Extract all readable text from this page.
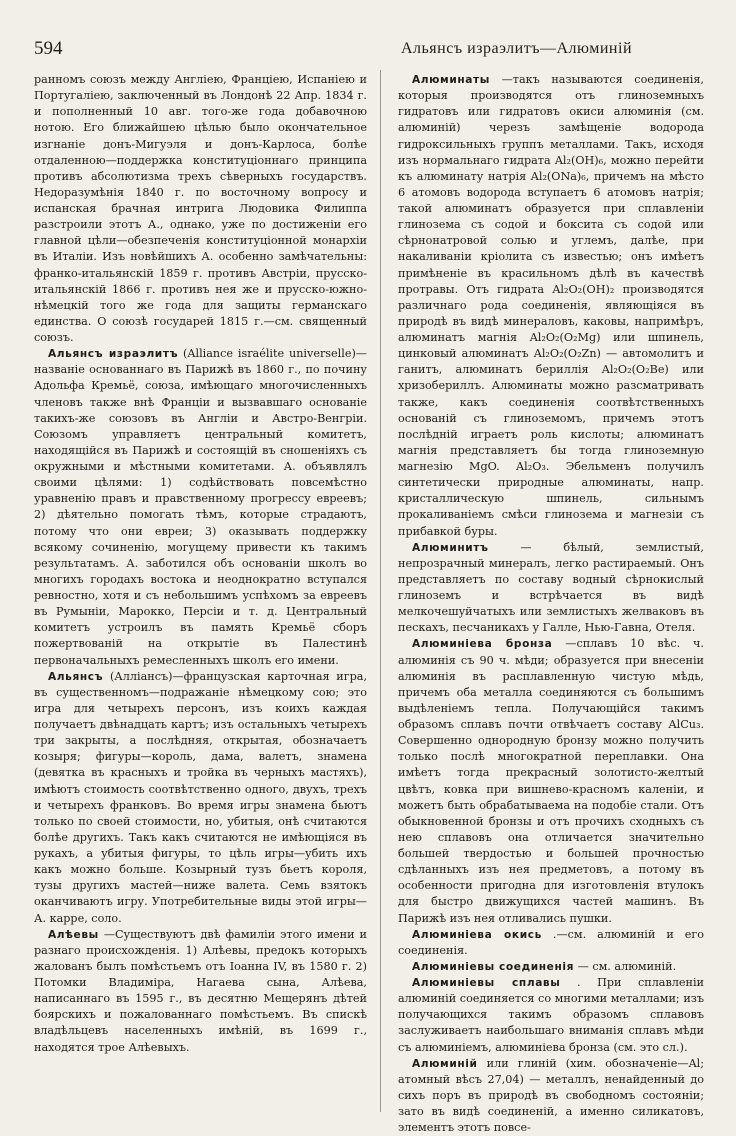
594	Альянсъ израэлитъ—Алюминій

ранномъ союзъ между Англіею, Франціею, Испаніею и Португаліею, заключенный въ Лондонѣ 22 Апр. 1834 г. и пополненный 10 авг. того-же года добавочною нотою. Его ближайшею цѣлью было окончательное изгнаніе донъ-Мигуэля и донъ-Карлоса, болѣе отдаленною—поддержка конституціоннаго принципа противъ абсолютизма трехъ сѣверныхъ государствъ. Недоразумѣнія 1840 г. по восточному вопросу и испанская брачная интрига Людовика Филиппа разстроили этотъ А., однако, уже по достиженіи его главной цѣли—обезпеченія конституціонной монархіи въ Италіи. Изъ новѣйшихъ А. особенно замѣчательны: франко-итальянскій 1859 г. противъ Австріи, прусско-итальянскій 1866 г. противъ нея же и прусско-южно-нѣмецкій того же года для защиты германскаго единства. О союзѣ государей 1815 г.—см. священный союзъ.

Альянсъ израэлитъ (Alliance israélite universelle)—названіе основаннаго въ Парижѣ въ 1860 г., по почину Адольфа Кремьё, союза, имѣющаго многочисленныхъ членовъ также внѣ Франціи и вызвавшаго основаніе такихъ-же союзовъ въ Англіи и Австро-Венгріи. Союзомъ управляетъ центральный комитетъ, находящійся въ Парижѣ и состоящій въ сношеніяхъ съ окружными и мѣстными комитетами. А. объявлялъ своими цѣлями: 1) содѣйствовать повсемѣстно уравненію правъ и правственному прогрессу евреевъ; 2) дѣятельно помогать тѣмъ, которые страдаютъ, потому что они евреи; 3) оказывать поддержку всякому сочиненію, могущему привести къ такимъ результатамъ. А. заботился объ основаніи школъ во многихъ городахъ востока и неоднократно вступался ревностно, хотя и съ небольшимъ успѣхомъ за евреевъ въ Румыніи, Марокко, Персіи и т. д. Центральный комитетъ устроилъ въ память Кремьё сборъ пожертвованій на открытіе въ Палестинѣ первоначальныхъ ремесленныхъ школъ его имени.

Альянсъ (Алліансъ)—французская карточная игра, въ существенномъ—подражаніе нѣмецкому сою; это игра для четырехъ персонъ, изъ коихъ каждая получаетъ двѣнадцать картъ; изъ остальныхъ четырехъ три закрыты, а послѣдняя, открытая, обозначаетъ козыря; фигуры—король, дама, валетъ, знамена (девятка въ красныхъ и тройка въ черныхъ мастяхъ), имѣютъ стоимость соотвѣтственно одного, двухъ, трехъ и четырехъ франковъ. Во время игры знамена бьютъ только по своей стоимости, но, убитыя, онѣ считаются болѣе другихъ. Такъ какъ считаются не имѣющіяся въ рукахъ, а убитыя фигуры, то цѣль игры—убить ихъ какъ можно больше. Козырный тузъ бьетъ короля, тузы другихъ мастей—ниже валета. Семь взятокъ оканчиваютъ игру. Употребительные виды этой игры—А. карре, соло.

Алѣевы —Существуютъ двѣ фамиліи этого имени и разнаго происхожденія. 1) Алѣевы, предокъ которыхъ жалованъ былъ помѣстьемъ отъ Іоанна IV, въ 1580 г. 2) Потомки Владиміра, Нагаева сына, Алѣева, написаннаго въ 1595 г., въ десятню Мещерянъ дѣтей боярскихъ и пожалованнаго помѣстьемъ. Въ спискѣ владѣльцевъ населенныхъ имѣній, въ 1699 г., находятся трое Алѣевыхъ.

Алюминаты —такъ называются соединенія, которыя производятся отъ глиноземныхъ гидратовъ или гидратовъ окиси алюминія (см. алюминій) черезъ замѣщеніе водорода гидроксильныхъ группъ металлами. Такъ, исходя изъ нормальнаго гидрата Al₂(OH)₆, можно перейти къ алюминату натрія Al₂(ONa)₆, причемъ на мѣсто 6 атомовъ водорода вступаетъ 6 атомовъ натрія; такой алюминатъ образуется при сплавленіи глинозема съ содой и боксита съ содой или сѣрнонатровой солью и углемъ, далѣе, при накаливаніи кріолита съ известью; онъ имѣетъ примѣненіе въ красильномъ дѣлѣ въ качествѣ протравы. Отъ гидрата Al₂O₂(OH)₂ производятся различнаго рода соединенія, являющіяся въ природѣ въ видѣ минераловъ, каковы, напримѣръ, алюминатъ магнія Al₂O₂(O₂Mg) или шпинель, цинковый алюминатъ Al₂O₂(O₂Zn) — автомолитъ и ганитъ, алюминатъ бериллія Al₂O₂(O₂Be) или хризобериллъ. Алюминаты можно разсматривать также, какъ соединенія соотвѣтственныхъ основаній съ глиноземомъ, причемъ этотъ послѣдній играетъ роль кислоты; алюминатъ магнія представляетъ бы тогда глиноземную магнезію MgO. Al₂O₃. Эбельменъ получилъ синтетически природные алюминаты, напр. кристаллическую шпинель, сильнымъ прокаливаніемъ смѣси глинозема и магнезіи съ прибавкой буры.

Алюминитъ	— бѣлый, землистый, непрозрачный минералъ, легко растираемый. Онъ представляетъ по составу водный сѣрнокислый глиноземъ и встрѣчается въ видѣ мелкочешуйчатыхъ или землистыхъ желваковъ въ пескахъ, песчаникахъ у Галле, Нью-Гавна, Отеля.

Алюминіева бронза —сплавъ 10 вѣс. ч. алюминія съ 90 ч. мѣди; образуется при внесеніи алюминія въ расплавленную чистую мѣдь, причемъ оба металла соединяются съ большимъ выдѣленіемъ тепла. Получающійся такимъ образомъ сплавъ почти отвѣчаетъ составу AlCu₃. Совершенно однородную бронзу можно получить только послѣ многократной переплавки. Она имѣетъ тогда прекрасный золотисто-желтый цвѣтъ, ковка при вишнево-красномъ каленіи, и можетъ быть обрабатываема на подобіе стали. Отъ обыкновенной бронзы и отъ прочихъ сходныхъ съ нею сплавовъ она отличается значительно большей твердостью и большей прочностью сдѣланныхъ изъ нея предметовъ, а потому въ особенности пригодна для изготовленія втулокъ для быстро движущихся частей машинъ. Въ Парижѣ изъ нея отливались пушки.

Алюминіева окись .—см. алюминій и его соединенія.

Алюминіевы соединенія — см. алюминій.

Алюминіевы сплавы . При сплавленіи алюминій соединяется со многими металлами; изъ получающихся такимъ образомъ сплавовъ заслуживаетъ наибольшаго вниманія сплавъ мѣди съ алюминіемъ, алюминіева бронза (см. это сл.).

Алюминій или глиній (хим. обозначеніе—Al; атомный вѣсъ 27,04) — металлъ, ненайденный до сихъ поръ въ природѣ въ свободномъ состояніи; зато въ видѣ соединеній, а именно силикатовъ, элементъ этотъ повсе-
